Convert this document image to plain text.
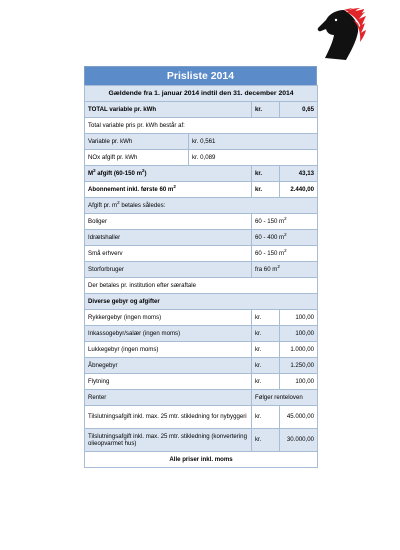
Prisliste 2014
Gældende fra 1. januar 2014 indtil den 31. december 2014			
TOTAL variable pr. kWh		kr.	0,65
Total variable pris pr. kWh består af:			
Variable pr. kWh	kr. 0,561		
NOx afgift pr. kWh	kr. 0,089		
$M^2$ afgift (60-150 $m^2$)		kr.	43,13
Abonnement inkl. første 60 $m^2$		kr.	2.440,00
Afgift pr. $m^2$ betales således:			
Boliger		60 - 150 $m^2$
Idrætshaller		60 - 400 $m^2$
Små erhverv		60 - 150 $m^2$
Storforbruger		fra 60 $m^2$
Der betales pr. institution efter særaftale			
Diverse gebyr og afgifter			
Rykkergebyr (ingen moms)		kr.	100,00
Inkassogebyr/salær (ingen moms)		kr.	100,00
Lukkegebyr (ingen moms)		kr.	1.000,00
Åbnegebyr		kr.	1.250,00
Flytning		kr.	100,00
Renter		Følger renteloven	
Tilslutningsafgift inkl. max. 25 mtr. stikledning for nybyggeri		kr.	45.000,00
Tilslutningsafgift inkl. max. 25 mtr. stikledning (konvertering olieopvarmet hus)		kr.	30.000,00
Alle priser inkl. moms			
